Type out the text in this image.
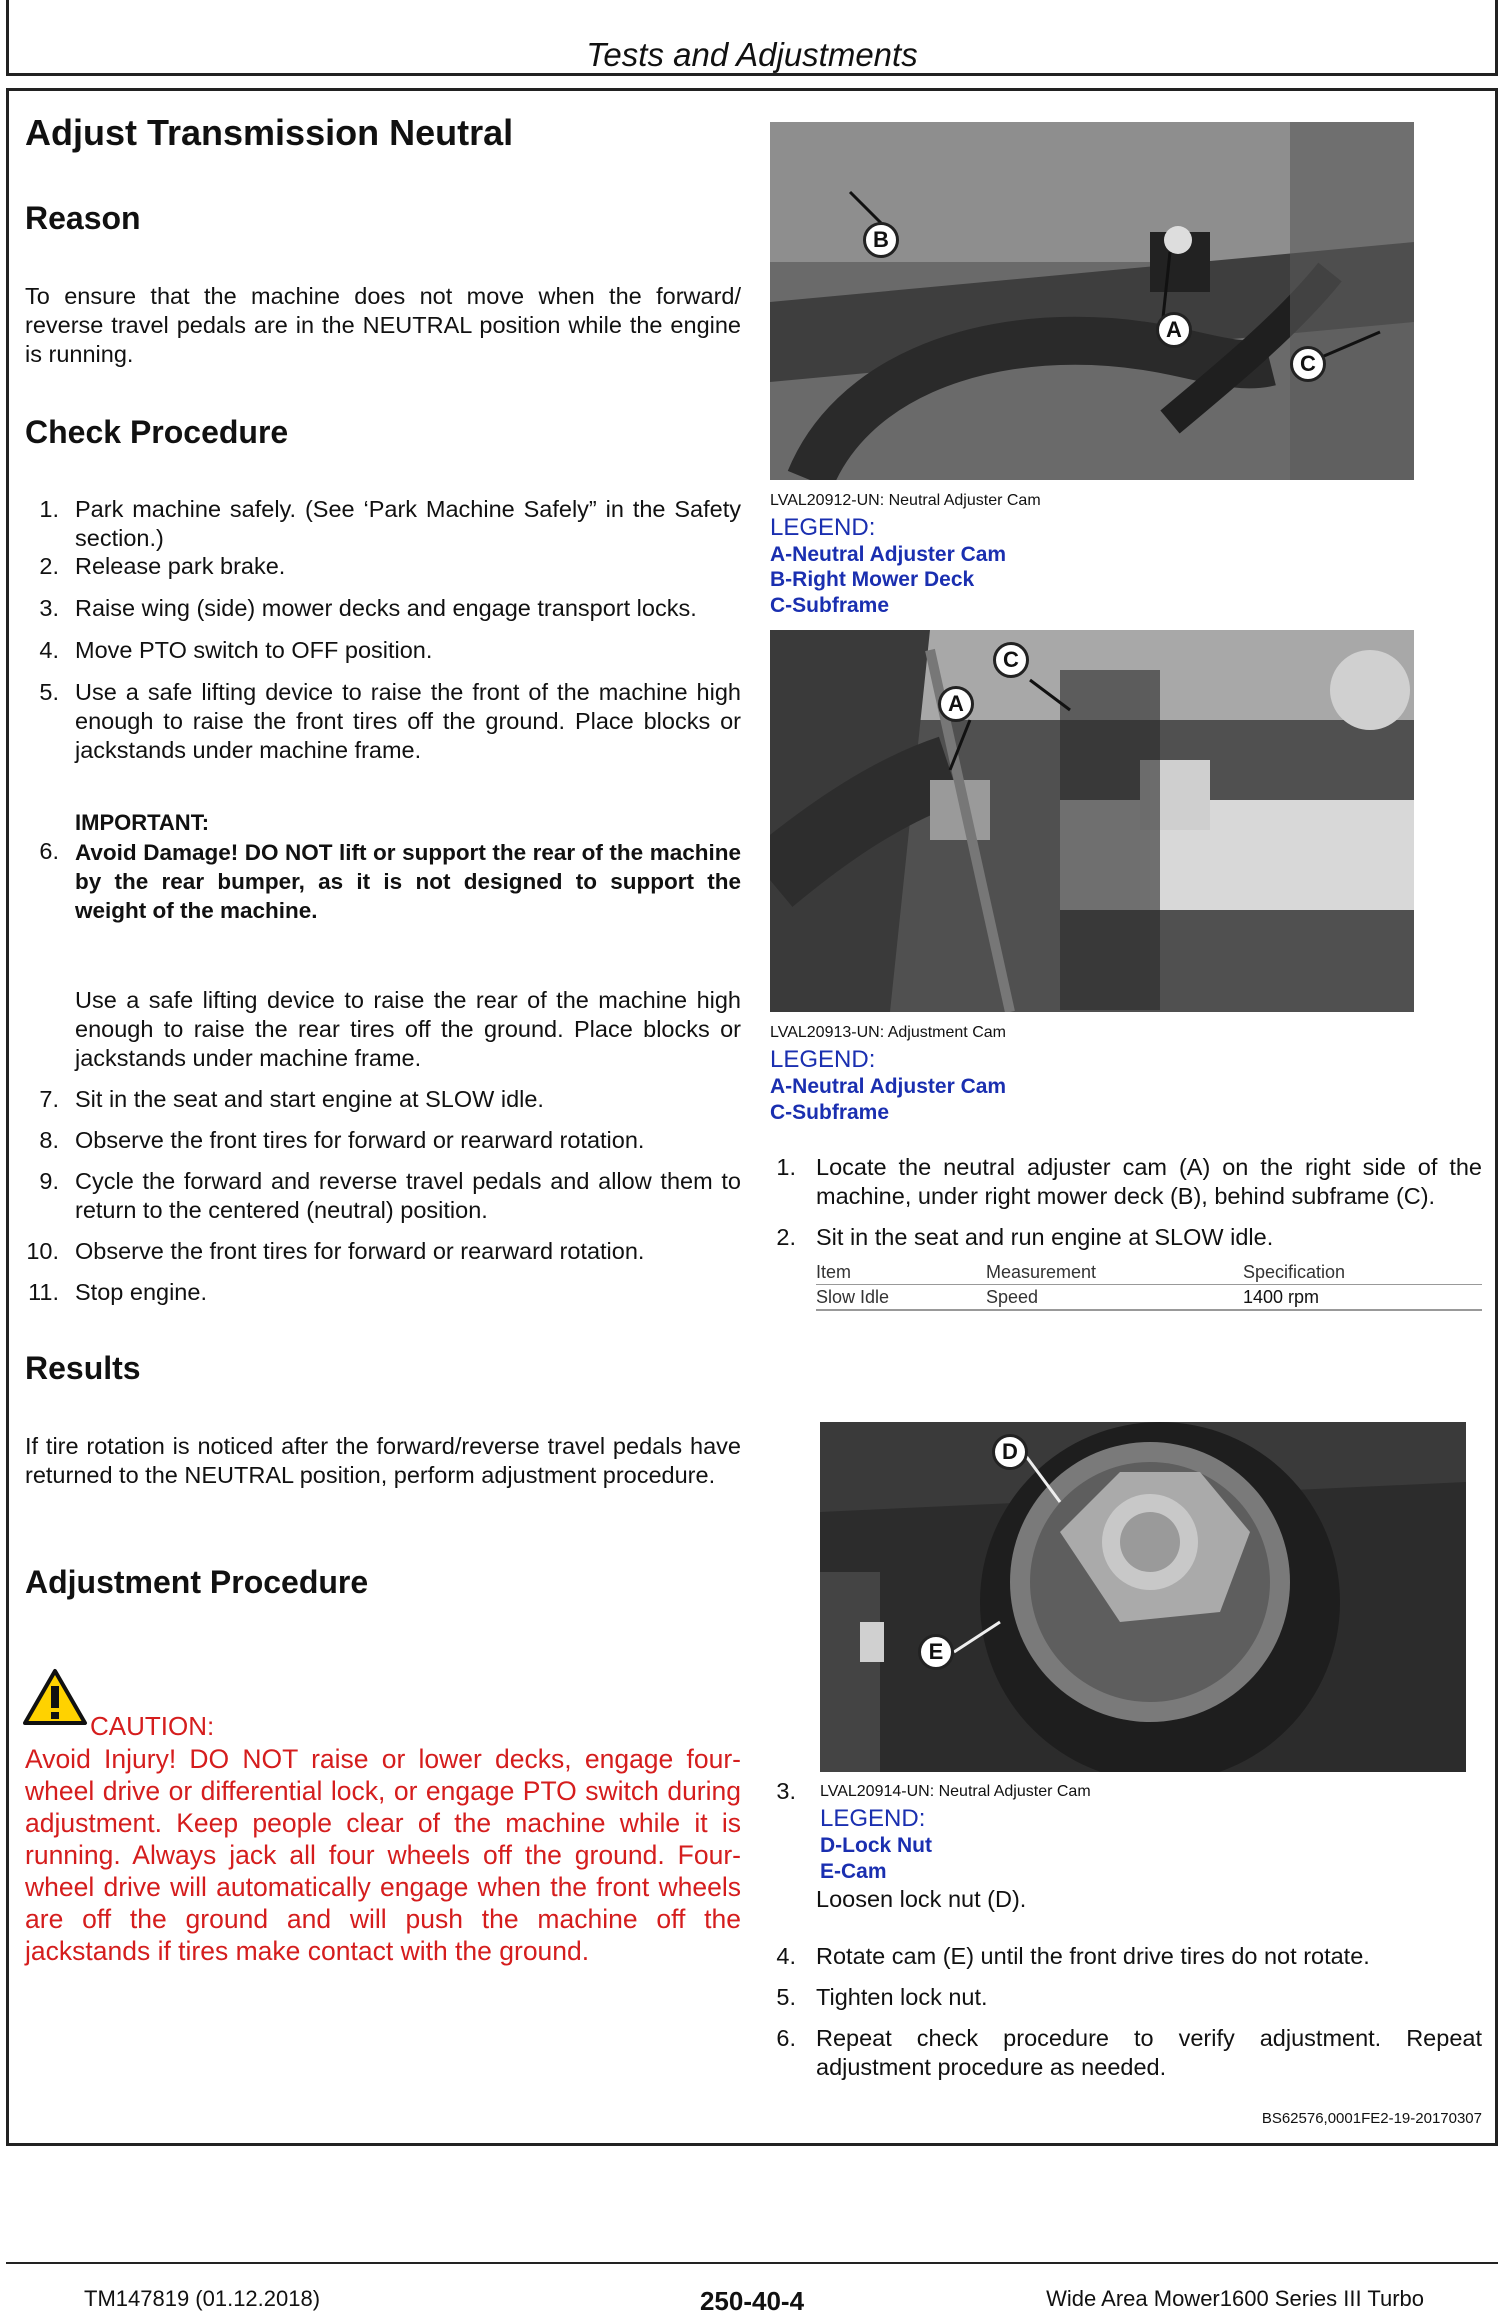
Tests and Adjustments
Adjust Transmission Neutral
Reason
To ensure that the machine does not move when the forward/ reverse travel pedals are in the NEUTRAL position while the engine is running.
Check Procedure
1. Park machine safely. (See ‘Park Machine Safely” in the Safety section.)
2. Release park brake.
3. Raise wing (side) mower decks and engage transport locks.
4. Move PTO switch to OFF position.
5. Use a safe lifting device to raise the front of the machine high enough to raise the front tires off the ground. Place blocks or jackstands under machine frame.
IMPORTANT:
6. Avoid Damage! DO NOT lift or support the rear of the machine by the rear bumper, as it is not designed to support the weight of the machine.
Use a safe lifting device to raise the rear of the machine high enough to raise the rear tires off the ground. Place blocks or jackstands under machine frame.
7. Sit in the seat and start engine at SLOW idle.
8. Observe the front tires for forward or rearward rotation.
9. Cycle the forward and reverse travel pedals and allow them to return to the centered (neutral) position.
10. Observe the front tires for forward or rearward rotation.
11. Stop engine.
Results
If tire rotation is noticed after the forward/reverse travel pedals have returned to the NEUTRAL position, perform adjustment procedure.
Adjustment Procedure
CAUTION:
Avoid Injury! DO NOT raise or lower decks, engage four-wheel drive or differential lock, or engage PTO switch during adjustment. Keep people clear of the machine while it is running. Always jack all four wheels off the ground. Four-wheel drive will automatically engage when the front wheels are off the ground and will push the machine off the jackstands if tires make contact with the ground.
B
A
C
LVAL20912-UN: Neutral Adjuster Cam
LEGEND:
A-Neutral Adjuster Cam
B-Right Mower Deck
C-Subframe
C
A
LVAL20913-UN: Adjustment Cam
LEGEND:
A-Neutral Adjuster Cam
C-Subframe
1. Locate the neutral adjuster cam (A) on the right side of the machine, under right mower deck (B), behind subframe (C).
2. Sit in the seat and run engine at SLOW idle.
Item	Measurement	Specification
Slow Idle	Speed	1400 rpm
D
E
3. LVAL20914-UN: Neutral Adjuster Cam
LEGEND:
D-Lock Nut
E-Cam
Loosen lock nut (D).
4. Rotate cam (E) until the front drive tires do not rotate.
5. Tighten lock nut.
6. Repeat check procedure to verify adjustment. Repeat adjustment procedure as needed.
BS62576,0001FE2-19-20170307
TM147819 (01.12.2018)	250-40-4	Wide Area Mower1600 Series III Turbo
